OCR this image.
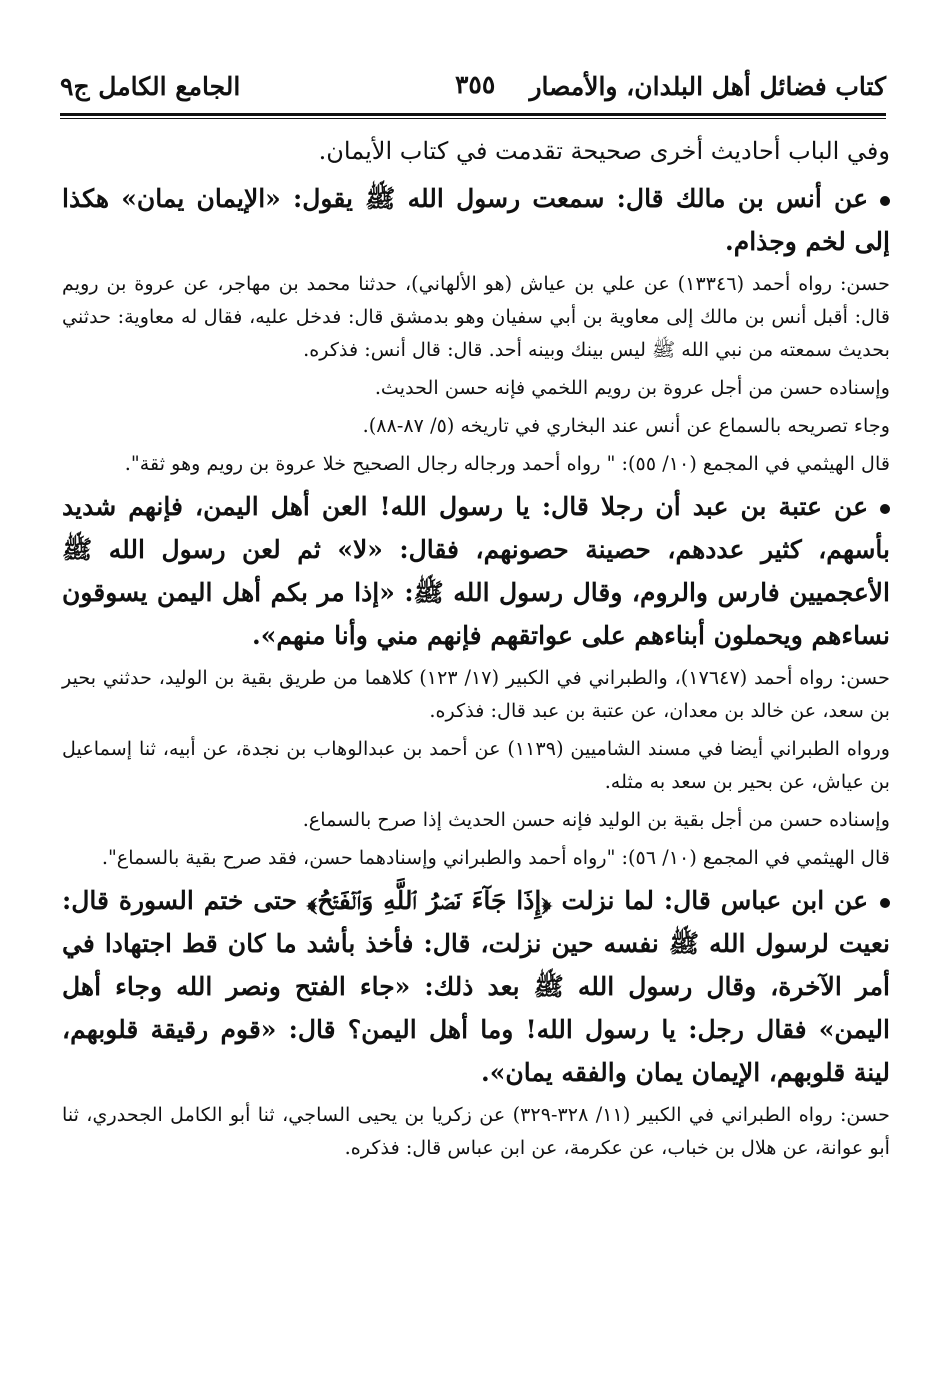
كتاب فضائل أهل البلدان، والأمصار
٣٥٥
الجامع الكامل ج٩

وفي الباب أحاديث أخرى صحيحة تقدمت في كتاب الأيمان.

عن أنس بن مالك قال: سمعت رسول الله ﷺ يقول: «الإيمان يمان» هكذا إلى لخم وجذام.

حسن: رواه أحمد (١٣٣٤٦) عن علي بن عياش (هو الألهاني)، حدثنا محمد بن مهاجر، عن عروة بن رويم قال: أقبل أنس بن مالك إلى معاوية بن أبي سفيان وهو بدمشق قال: فدخل عليه، فقال له معاوية: حدثني بحديث سمعته من نبي الله ﷺ ليس بينك وبينه أحد. قال: قال أنس: فذكره.

وإسناده حسن من أجل عروة بن رويم اللخمي فإنه حسن الحديث.

وجاء تصريحه بالسماع عن أنس عند البخاري في تاريخه (٥/ ٨٧-٨٨).

قال الهيثمي في المجمع (١٠/ ٥٥): " رواه أحمد ورجاله رجال الصحيح خلا عروة بن رويم وهو ثقة".

عن عتبة بن عبد أن رجلا قال: يا رسول الله! العن أهل اليمن، فإنهم شديد بأسهم، كثير عددهم، حصينة حصونهم، فقال: «لا» ثم لعن رسول الله ﷺ الأعجميين فارس والروم، وقال رسول الله ﷺ: «إذا مر بكم أهل اليمن يسوقون نساءهم ويحملون أبناءهم على عواتقهم فإنهم مني وأنا منهم».

حسن: رواه أحمد (١٧٦٤٧)، والطبراني في الكبير (١٧/ ١٢٣) كلاهما من طريق بقية بن الوليد، حدثني بحير بن سعد، عن خالد بن معدان، عن عتبة بن عبد قال: فذكره.

ورواه الطبراني أيضا في مسند الشاميين (١١٣٩) عن أحمد بن عبدالوهاب بن نجدة، عن أبيه، ثنا إسماعيل بن عياش، عن بحير بن سعد به مثله.

وإسناده حسن من أجل بقية بن الوليد فإنه حسن الحديث إذا صرح بالسماع.

قال الهيثمي في المجمع (١٠/ ٥٦): "رواه أحمد والطبراني وإسنادهما حسن، فقد صرح بقية بالسماع".

عن ابن عباس قال: لما نزلت ﴿إِذَا جَآءَ نَصۡرُ ٱللَّهِ وَٱلۡفَتۡحُ﴾ حتى ختم السورة قال: نعيت لرسول الله ﷺ نفسه حين نزلت، قال: فأخذ بأشد ما كان قط اجتهادا في أمر الآخرة، وقال رسول الله ﷺ بعد ذلك: «جاء الفتح ونصر الله وجاء أهل اليمن» فقال رجل: يا رسول الله! وما أهل اليمن؟ قال: «قوم رقيقة قلوبهم، لينة قلوبهم، الإيمان يمان والفقه يمان».

حسن: رواه الطبراني في الكبير (١١/ ٣٢٨-٣٢٩) عن زكريا بن يحيى الساجي، ثنا أبو الكامل الجحدري، ثنا أبو عوانة، عن هلال بن خباب، عن عكرمة، عن ابن عباس قال: فذكره.
